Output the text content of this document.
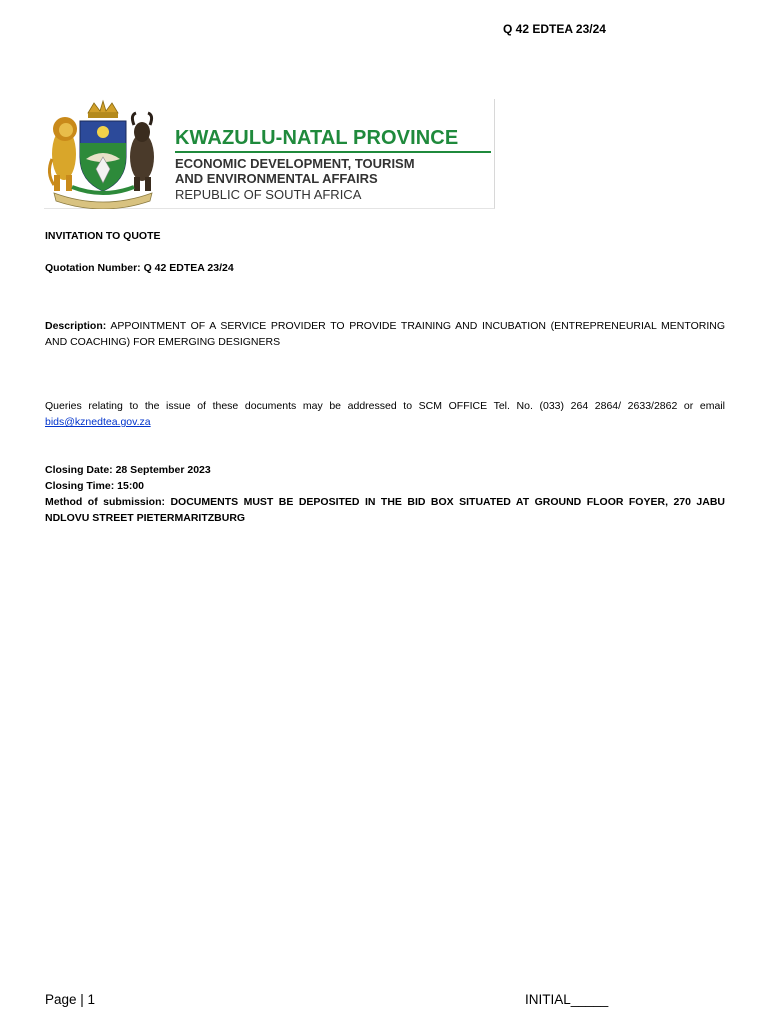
Q 42 EDTEA 23/24
KWAZULU-NATAL PROVINCE
ECONOMIC DEVELOPMENT, TOURISM
AND ENVIRONMENTAL AFFAIRS
REPUBLIC OF SOUTH AFRICA
INVITATION TO QUOTE
Quotation Number: Q 42 EDTEA 23/24
Description: APPOINTMENT OF A SERVICE PROVIDER TO PROVIDE TRAINING AND INCUBATION (ENTREPRENEURIAL MENTORING AND COACHING) FOR EMERGING DESIGNERS
Queries relating to the issue of these documents may be addressed to SCM OFFICE Tel. No. (033) 264 2864/ 2633/2862 or email bids@kznedtea.gov.za
Closing Date: 28 September 2023
Closing Time: 15:00
Method of submission: DOCUMENTS MUST BE DEPOSITED IN THE BID BOX SITUATED AT GROUND FLOOR FOYER, 270 JABU NDLOVU STREET PIETERMARITZBURG
Page | 1	INITIAL_____
